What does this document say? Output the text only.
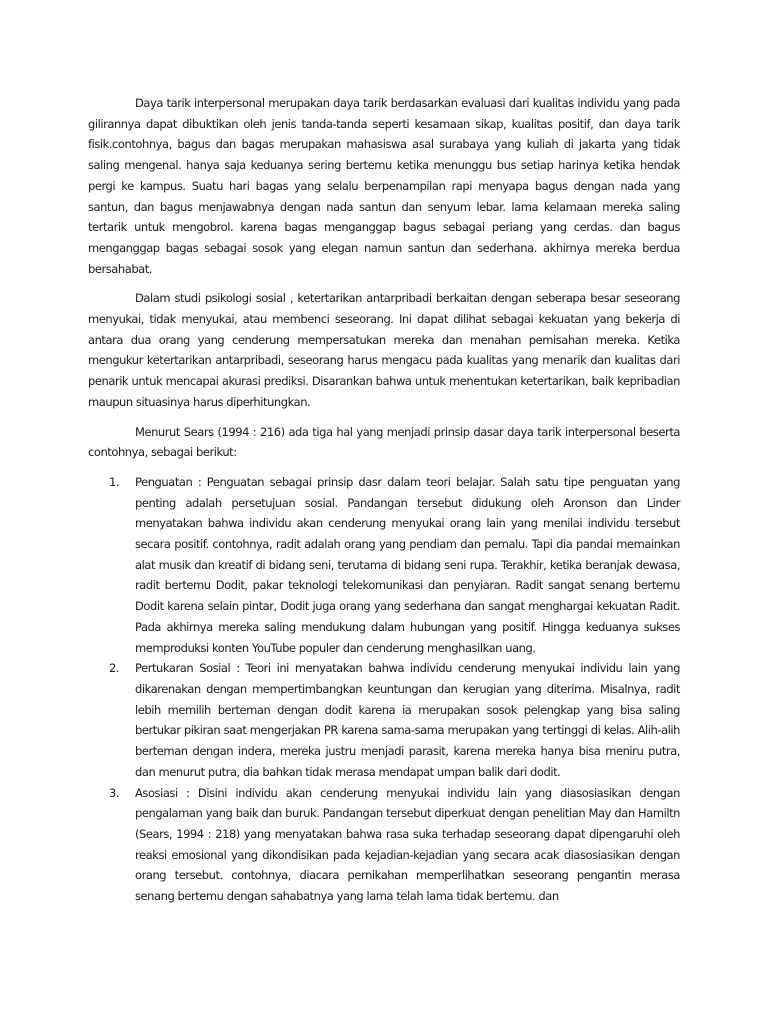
Daya tarik interpersonal merupakan daya tarik berdasarkan evaluasi dari kualitas individu yang pada gilirannya dapat dibuktikan oleh jenis tanda-tanda seperti kesamaan sikap, kualitas positif, dan daya tarik fisik.contohnya, bagus dan bagas merupakan mahasiswa asal surabaya yang kuliah di jakarta yang tidak saling mengenal. hanya saja keduanya sering bertemu ketika menunggu bus setiap harinya ketika hendak pergi ke kampus. Suatu hari bagas yang selalu berpenampilan rapi menyapa bagus dengan nada yang santun, dan bagus menjawabnya dengan nada santun dan senyum lebar. lama kelamaan mereka saling tertarik untuk mengobrol. karena bagas menganggap bagus sebagai periang yang cerdas. dan bagus menganggap bagas sebagai sosok yang elegan namun santun dan sederhana. akhirnya mereka berdua bersahabat.

Dalam studi psikologi sosial , ketertarikan antarpribadi berkaitan dengan seberapa besar seseorang menyukai, tidak menyukai, atau membenci seseorang. Ini dapat dilihat sebagai kekuatan yang bekerja di antara dua orang yang cenderung mempersatukan mereka dan menahan pemisahan mereka. Ketika mengukur ketertarikan antarpribadi, seseorang harus mengacu pada kualitas yang menarik dan kualitas dari penarik untuk mencapai akurasi prediksi. Disarankan bahwa untuk menentukan ketertarikan, baik kepribadian maupun situasinya harus diperhitungkan.

Menurut Sears (1994 : 216) ada tiga hal yang menjadi prinsip dasar daya tarik interpersonal beserta contohnya, sebagai berikut:

1. Penguatan : Penguatan sebagai prinsip dasr dalam teori belajar. Salah satu tipe penguatan yang penting adalah persetujuan sosial. Pandangan tersebut didukung oleh Aronson dan Linder menyatakan bahwa individu akan cenderung menyukai orang lain yang menilai individu tersebut secara positif. contohnya, radit adalah orang yang pendiam dan pemalu. Tapi dia pandai memainkan alat musik dan kreatif di bidang seni, terutama di bidang seni rupa. Terakhir, ketika beranjak dewasa, radit bertemu Dodit, pakar teknologi telekomunikasi dan penyiaran. Radit sangat senang bertemu Dodit karena selain pintar, Dodit juga orang yang sederhana dan sangat menghargai kekuatan Radit. Pada akhirnya mereka saling mendukung dalam hubungan yang positif. Hingga keduanya sukses memproduksi konten YouTube populer dan cenderung menghasilkan uang.
2. Pertukaran Sosial : Teori ini menyatakan bahwa individu cenderung menyukai individu lain yang dikarenakan dengan mempertimbangkan keuntungan dan kerugian yang diterima. Misalnya, radit lebih memilih berteman dengan dodit karena ia merupakan sosok pelengkap yang bisa saling bertukar pikiran saat mengerjakan PR karena sama-sama merupakan yang tertinggi di kelas. Alih-alih berteman dengan indera, mereka justru menjadi parasit, karena mereka hanya bisa meniru putra, dan menurut putra, dia bahkan tidak merasa mendapat umpan balik dari dodit.
3. Asosiasi : Disini individu akan cenderung menyukai individu lain yang diasosiasikan dengan pengalaman yang baik dan buruk. Pandangan tersebut diperkuat dengan penelitian May dan Hamiltn (Sears, 1994 : 218) yang menyatakan bahwa rasa suka terhadap seseorang dapat dipengaruhi oleh reaksi emosional yang dikondisikan pada kejadian-kejadian yang secara acak diasosiasikan dengan orang tersebut. contohnya, diacara pernikahan memperlihatkan seseorang pengantin merasa senang bertemu dengan sahabatnya yang lama telah lama tidak bertemu. dan
